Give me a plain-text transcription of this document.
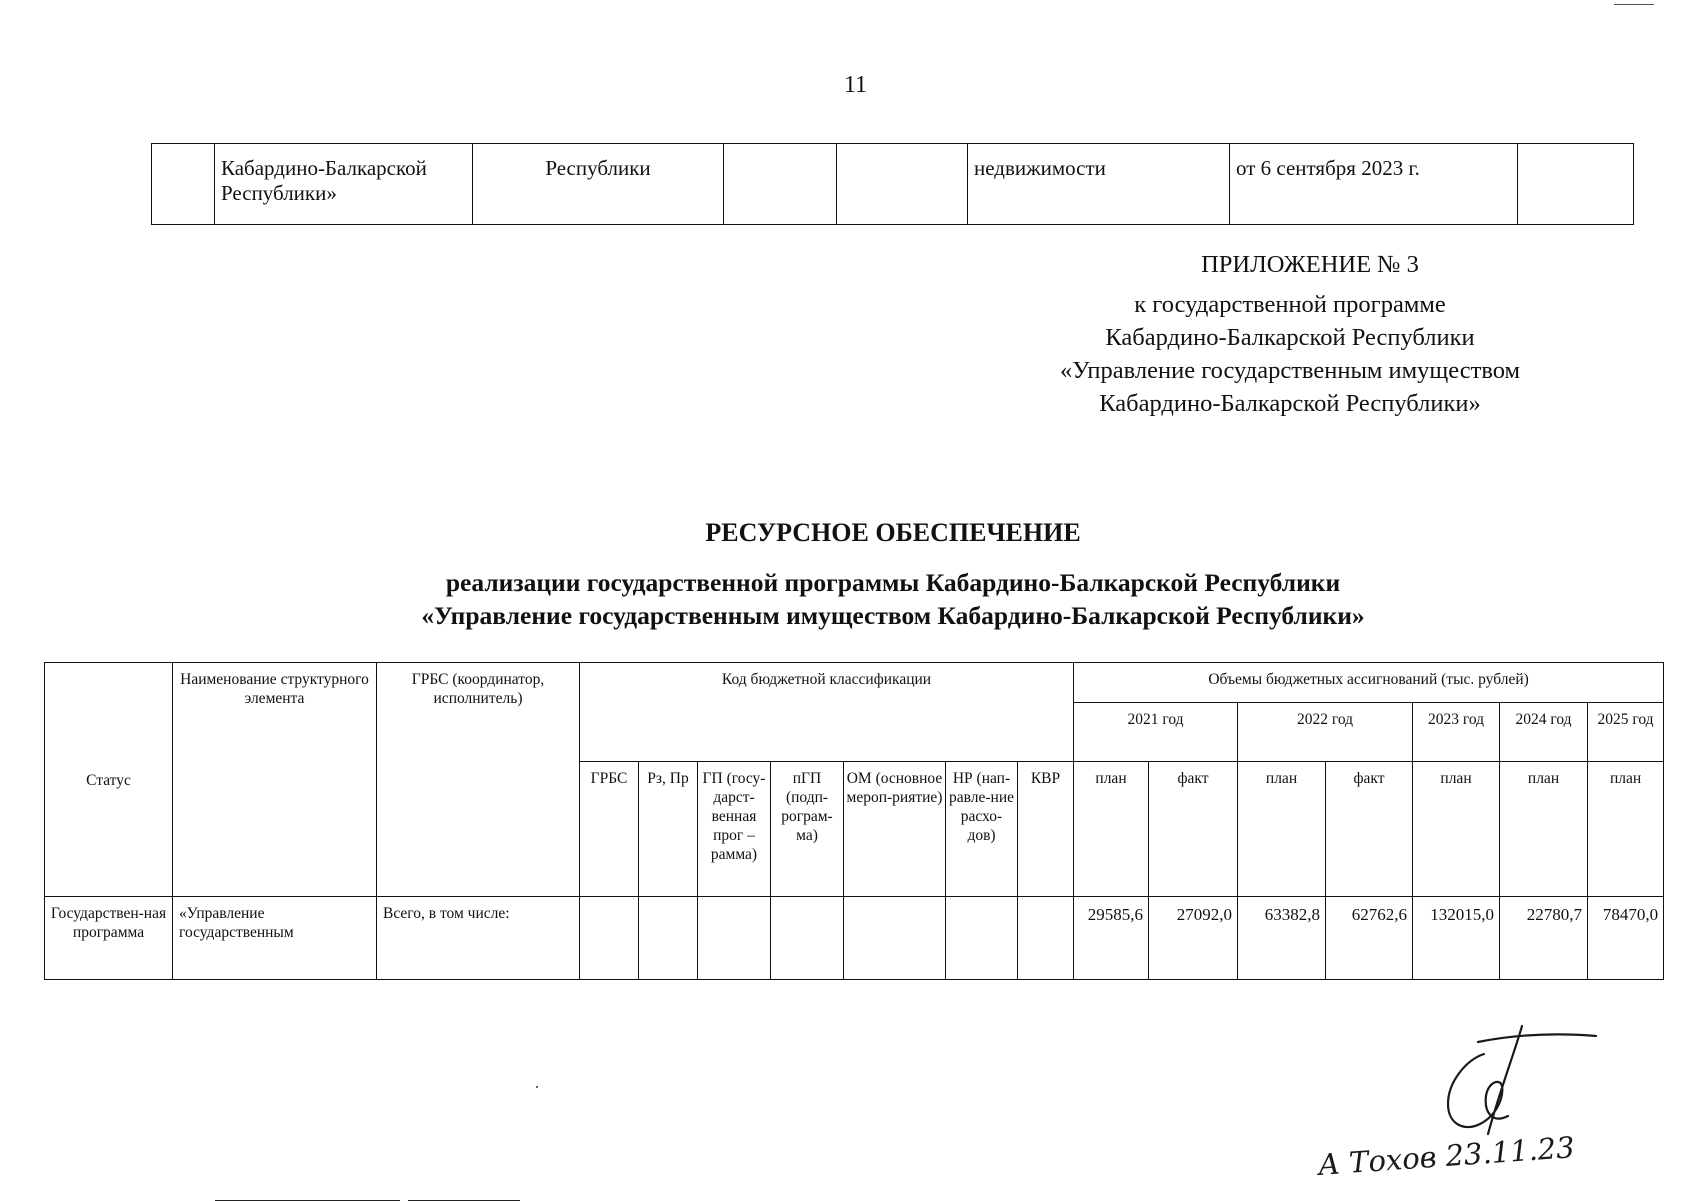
11
	Кабардино-Балкарской Республики»	Республики			недвижимости	от 6 сентября 2023 г.	
ПРИЛОЖЕНИЕ № 3
к государственной программе
Кабардино-Балкарской Республики
«Управление государственным имуществом
Кабардино-Балкарской Республики»
РЕСУРСНОЕ ОБЕСПЕЧЕНИЕ
реализации государственной программы Кабардино-Балкарской Республики
«Управление государственным имуществом Кабардино-Балкарской Республики»
Статус	Наименование структурного элемента	ГРБС (координатор, исполнитель)	Код бюджетной классификации							Объемы бюджетных ассигнований (тыс. рублей)						
										2021 год		2022 год		2023 год	2024 год	2025 год
			ГРБС	Рз, Пр	ГП (госу-дарст-венная прог – рамма)	пГП (подп-рограм-ма)	ОМ (основное мероп-риятие)	НР (нап-равле-ние расхо-дов)	КВР	план	факт	план	факт	план	план	план
Государствен-ная программа	«Управление государственным	Всего, в том числе:								29585,6	27092,0	63382,8	62762,6	132015,0	22780,7	78470,0
А Тохов 23.11.23
